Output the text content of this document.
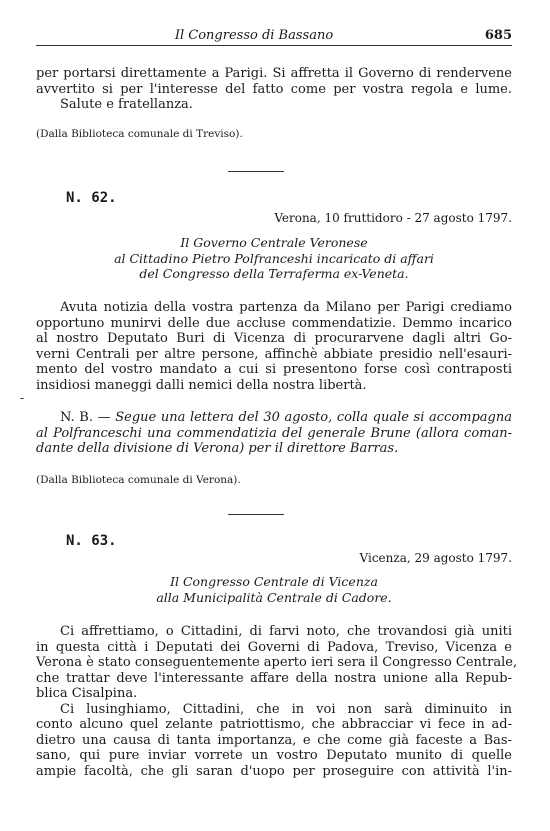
Il Congresso di Bassano	685
per portarsi direttamente a Parigi. Si affretta il Governo di rendervene
avvertito si per l'interesse del fatto come per vostra regola e lume.
Salute e fratellanza.
(Dalla Biblioteca comunale di Treviso).
N. 62.
Verona, 10 fruttidoro - 27 agosto 1797.
Il Governo Centrale Veronese
al Cittadino Pietro Polfranceshi incaricato di affari
del Congresso della Terraferma ex-Veneta.
Avuta notizia della vostra partenza da Milano per Parigi crediamo
opportuno munirvi delle due accluse commendatizie. Demmo incarico
al nostro Deputato Buri di Vicenza di procurarvene dagli altri Go-
verni Centrali per altre persone, affinchè abbiate presidio nell'esauri-
mento del vostro mandato a cui si presentono forse così contraposti
insidiosi maneggi dalli nemici della nostra libertà.
-
N. B. — Segue una lettera del 30 agosto, colla quale si accompagna
al Polfranceschi una commendatizia del generale Brune (allora coman-
dante della divisione di Verona) per il direttore Barras.
(Dalla Biblioteca comunale di Verona).
N. 63.
Vicenza, 29 agosto 1797.
Il Congresso Centrale di Vicenza
alla Municipalità Centrale di Cadore.
Ci affrettiamo, o Cittadini, di farvi noto, che trovandosi già uniti
in questa città i Deputati dei Governi di Padova, Treviso, Vicenza e
Verona è stato conseguentemente aperto ieri sera il Congresso Centrale,
che trattar deve l'interessante affare della nostra unione alla Repub-
blica Cisalpina.
Ci lusinghiamo, Cittadini, che in voi non sarà diminuito in
conto alcuno quel zelante patriottismo, che abbracciar vi fece in ad-
dietro una causa di tanta importanza, e che come già faceste a Bas-
sano, qui pure inviar vorrete un vostro Deputato munito di quelle
ampie facoltà, che gli saran d'uopo per proseguire con attività l'in-
